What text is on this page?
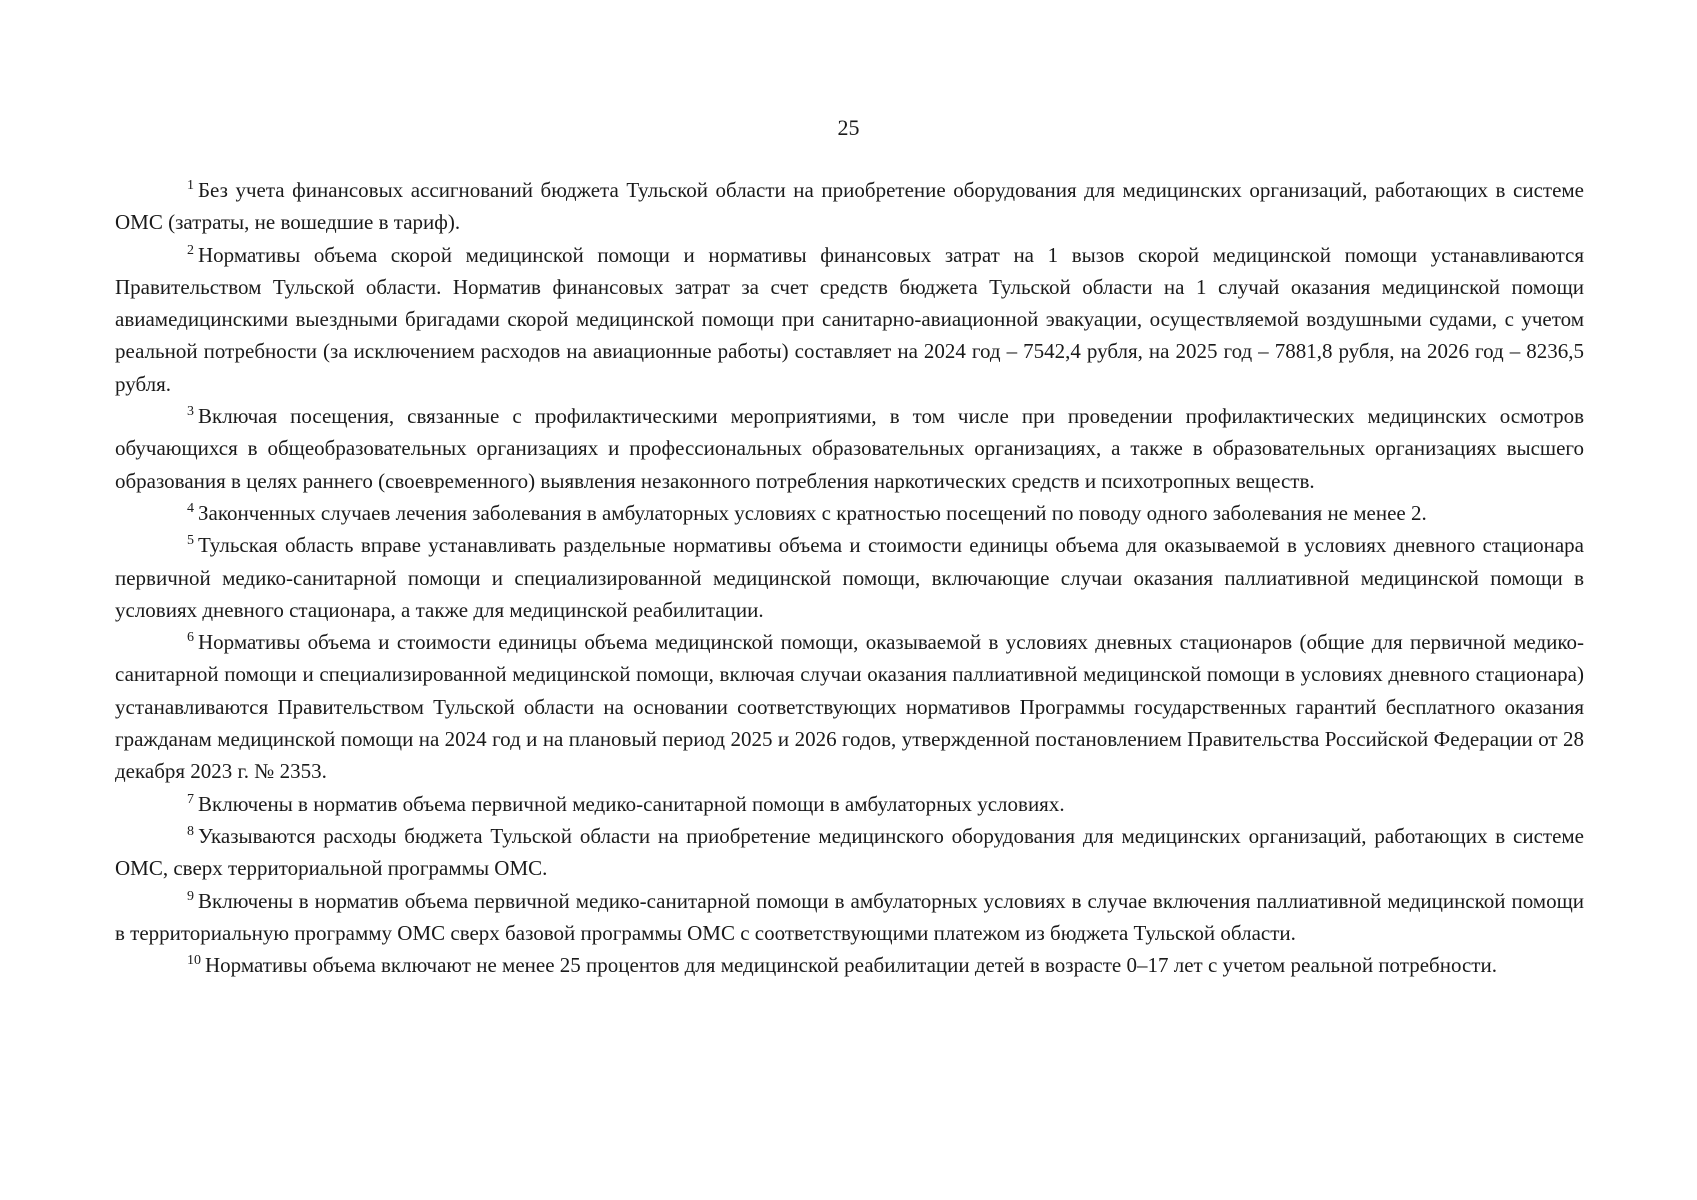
25

$^1$ Без учета финансовых ассигнований бюджета Тульской области на приобретение оборудования для медицинских организаций, работающих в системе ОМС (затраты, не вошедшие в тариф).

$^2$ Нормативы объема скорой медицинской помощи и нормативы финансовых затрат на 1 вызов скорой медицинской помощи устанавливаются Правительством Тульской области. Норматив финансовых затрат за счет средств бюджета Тульской области на 1 случай оказания медицинской помощи авиамедицинскими выездными бригадами скорой медицинской помощи при санитарно-авиационной эвакуации, осуществляемой воздушными судами, с учетом реальной потребности (за исключением расходов на авиационные работы) составляет на 2024 год – 7542,4 рубля, на 2025 год – 7881,8 рубля, на 2026 год – 8236,5 рубля.

$^3$ Включая посещения, связанные с профилактическими мероприятиями, в том числе при проведении профилактических медицинских осмотров обучающихся в общеобразовательных организациях и профессиональных образовательных организациях, а также в образовательных организациях высшего образования в целях раннего (своевременного) выявления незаконного потребления наркотических средств и психотропных веществ.

$^4$ Законченных случаев лечения заболевания в амбулаторных условиях с кратностью посещений по поводу одного заболевания не менее 2.

$^5$ Тульская область вправе устанавливать раздельные нормативы объема и стоимости единицы объема для оказываемой в условиях дневного стационара первичной медико-санитарной помощи и специализированной медицинской помощи, включающие случаи оказания паллиативной медицинской помощи в условиях дневного стационара, а также для медицинской реабилитации.

$^6$ Нормативы объема и стоимости единицы объема медицинской помощи, оказываемой в условиях дневных стационаров (общие для первичной медико-санитарной помощи и специализированной медицинской помощи, включая случаи оказания паллиативной медицинской помощи в условиях дневного стационара) устанавливаются Правительством Тульской области на основании соответствующих нормативов Программы государственных гарантий бесплатного оказания гражданам медицинской помощи на 2024 год и на плановый период 2025 и 2026 годов, утвержденной постановлением Правительства Российской Федерации от 28 декабря 2023 г. № 2353.

$^7$ Включены в норматив объема первичной медико-санитарной помощи в амбулаторных условиях.

$^8$ Указываются расходы бюджета Тульской области на приобретение медицинского оборудования для медицинских организаций, работающих в системе ОМС, сверх территориальной программы ОМС.

$^9$ Включены в норматив объема первичной медико-санитарной помощи в амбулаторных условиях в случае включения паллиативной медицинской помощи в территориальную программу ОМС сверх базовой программы ОМС с соответствующими платежом из бюджета Тульской области.

$^{10}$ Нормативы объема включают не менее 25 процентов для медицинской реабилитации детей в возрасте 0–17 лет с учетом реальной потребности.
